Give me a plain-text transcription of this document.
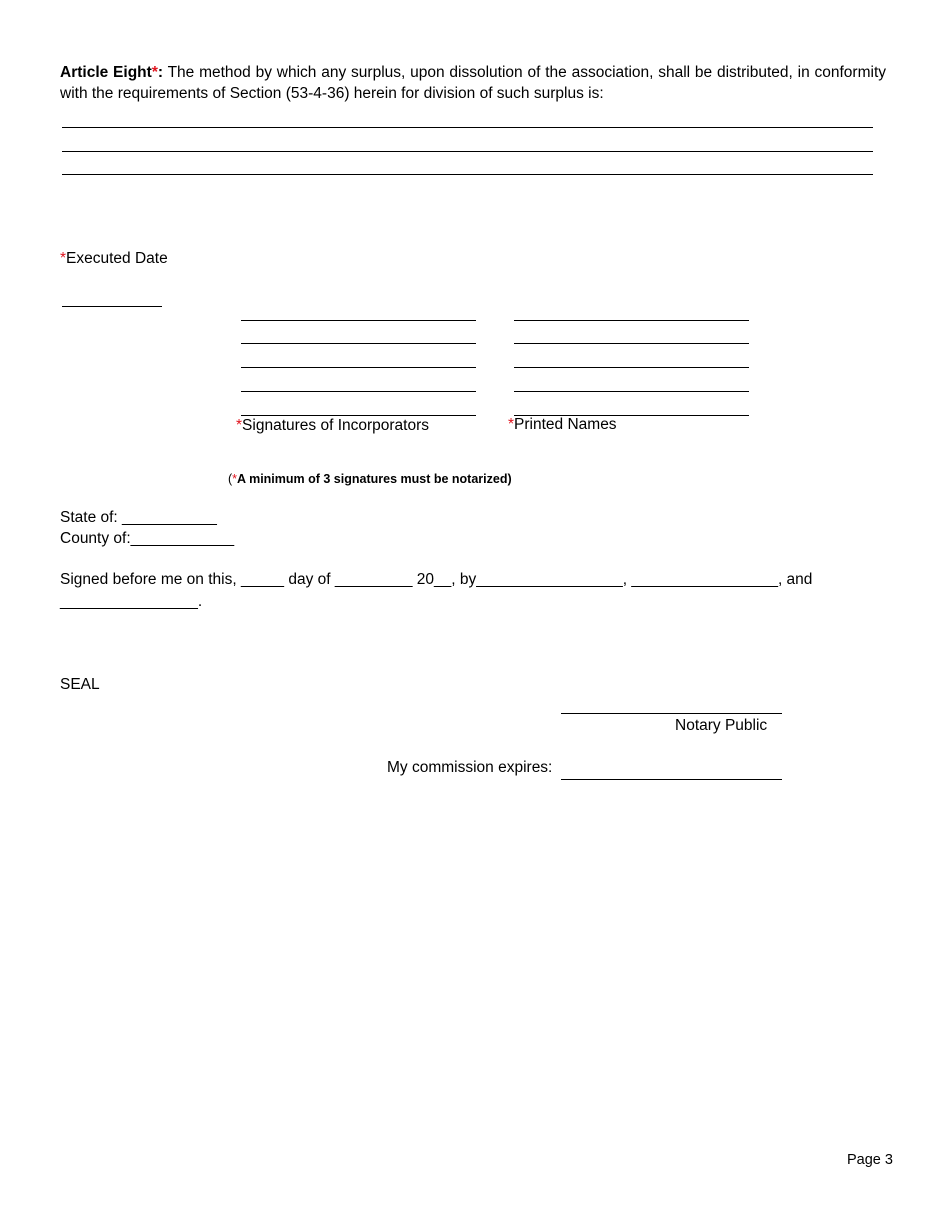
Article Eight*: The method by which any surplus, upon dissolution of the association, shall be distributed, in conformity with the requirements of Section (53-4-36) herein for division of such surplus is:
*Executed Date
*Signatures of Incorporators	*Printed Names
(*A minimum of 3 signatures must be notarized)
State of: ___________
County of:____________
Signed before me on this, _____ day of _________ 20__, by_________________, _________________, and
________________.
SEAL
Notary Public
My commission expires:
Page 3
